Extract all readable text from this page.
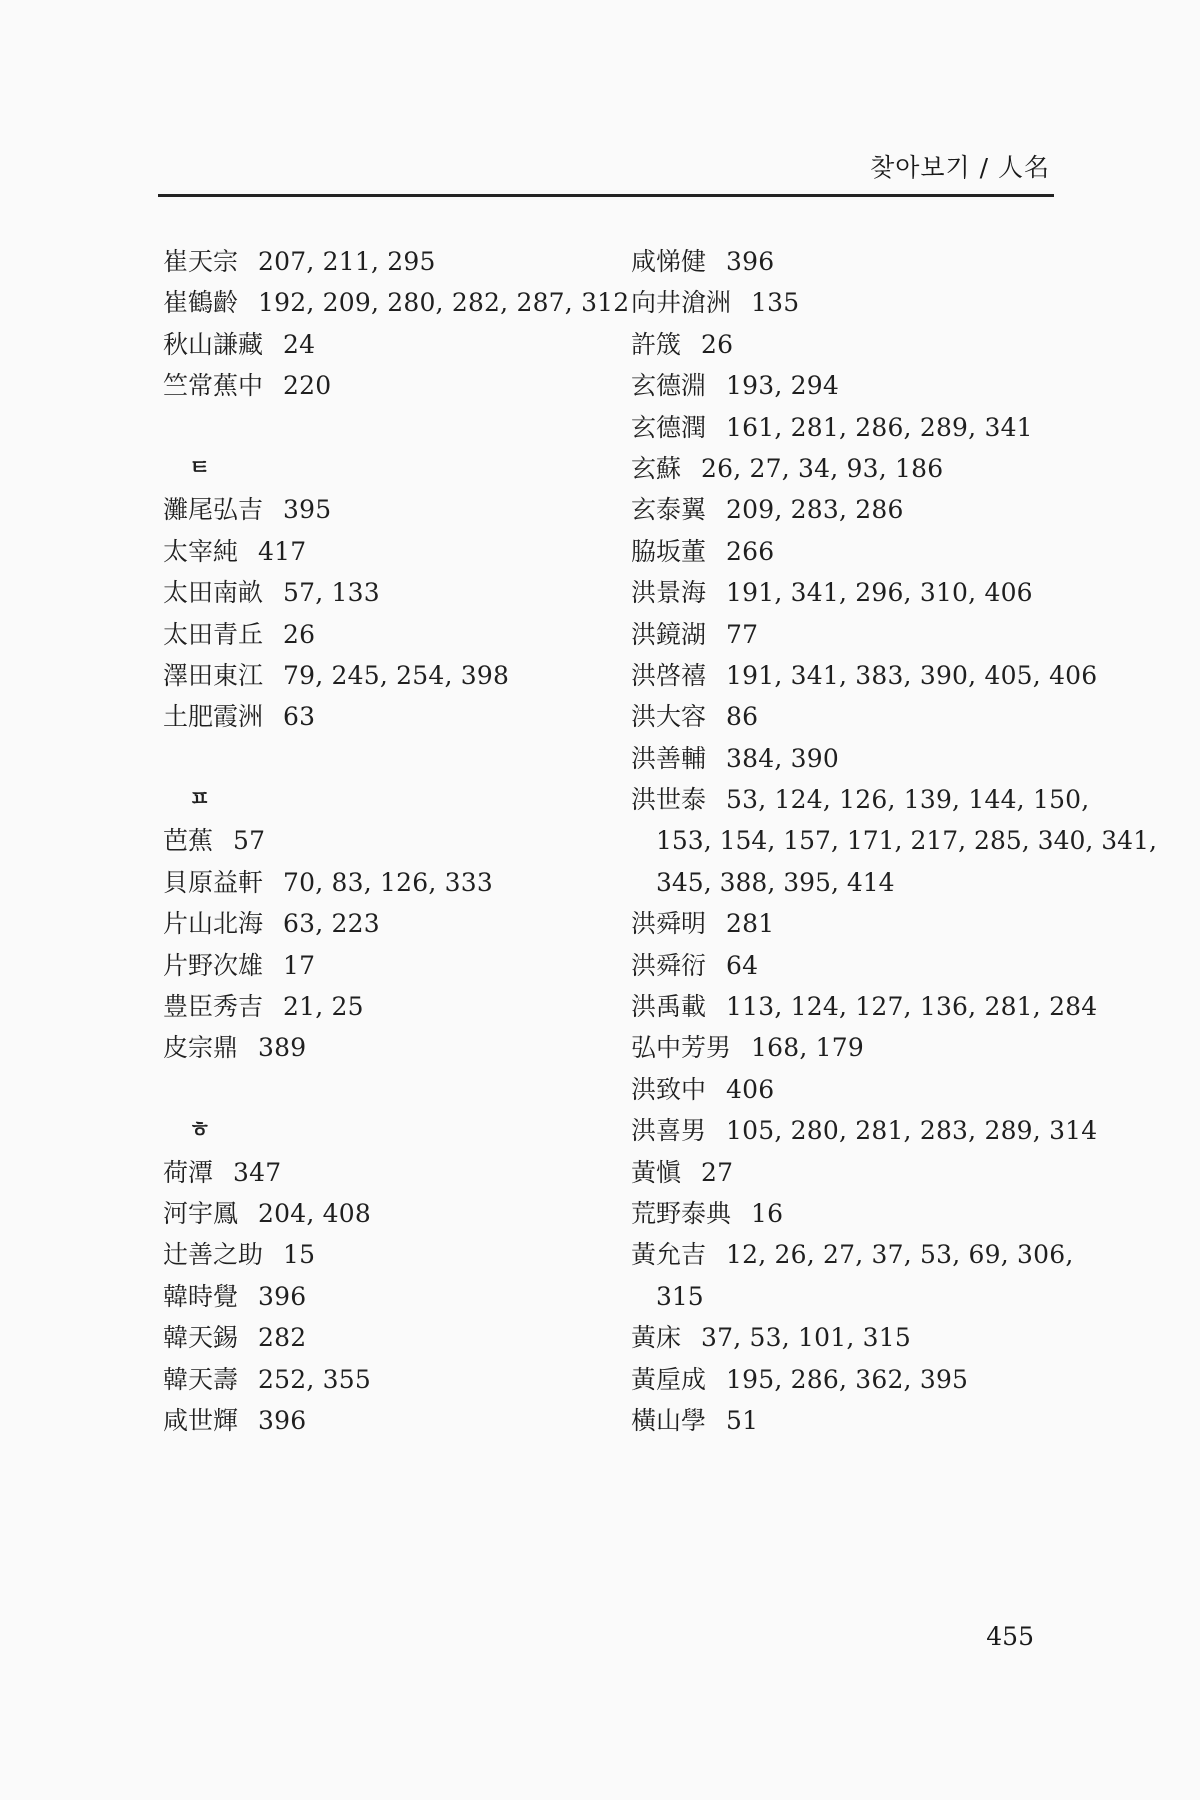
찾아보기 / 人名
崔天宗 207, 211, 295
崔鶴齡 192, 209, 280, 282, 287, 312
秋山謙藏 24
竺常蕉中 220
ㅌ
灘尾弘吉 395
太宰純 417
太田南畝 57, 133
太田青丘 26
澤田東江 79, 245, 254, 398
土肥霞洲 63
ㅍ
芭蕉 57
貝原益軒 70, 83, 126, 333
片山北海 63, 223
片野次雄 17
豊臣秀吉 21, 25
皮宗鼎 389
ㅎ
荷潭 347
河宇鳳 204, 408
辻善之助 15
韓時覺 396
韓天錫 282
韓天壽 252, 355
咸世輝 396
咸悌健 396
向井滄洲 135
許筬 26
玄德淵 193, 294
玄德潤 161, 281, 286, 289, 341
玄蘇 26, 27, 34, 93, 186
玄泰翼 209, 283, 286
脇坂董 266
洪景海 191, 341, 296, 310, 406
洪鏡湖 77
洪啓禧 191, 341, 383, 390, 405, 406
洪大容 86
洪善輔 384, 390
洪世泰 53, 124, 126, 139, 144, 150,
153, 154, 157, 171, 217, 285, 340, 341,
345, 388, 395, 414
洪舜明 281
洪舜衍 64
洪禹載 113, 124, 127, 136, 281, 284
弘中芳男 168, 179
洪致中 406
洪喜男 105, 280, 281, 283, 289, 314
黃愼 27
荒野泰典 16
黃允吉 12, 26, 27, 37, 53, 69, 306,
315
黃床 37, 53, 101, 315
黃垕成 195, 286, 362, 395
橫山學 51
455
